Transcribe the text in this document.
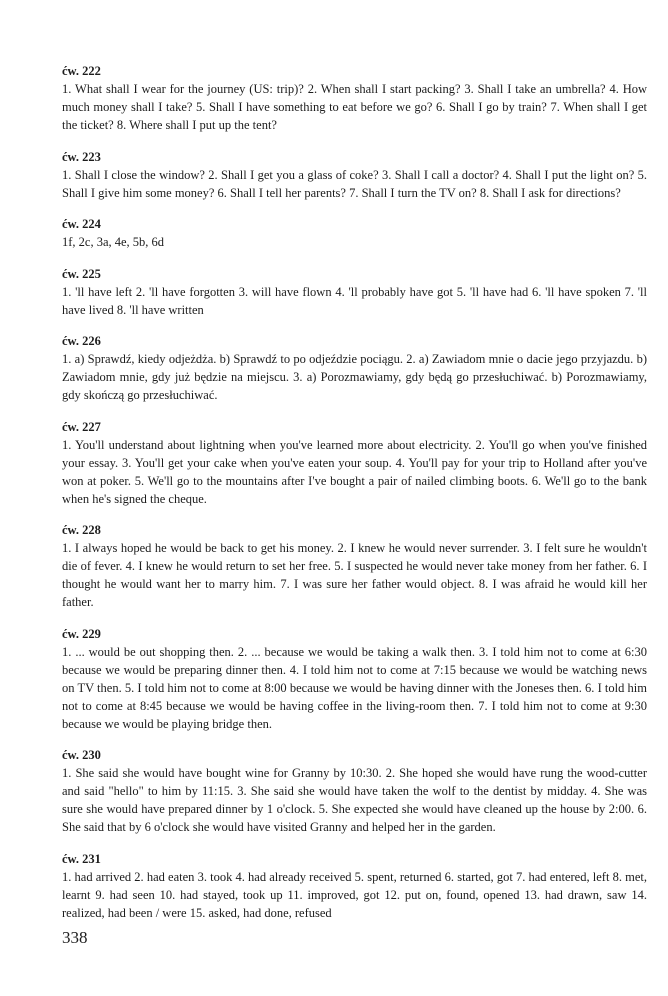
ćw. 222
1. What shall I wear for the journey (US: trip)? 2. When shall I start packing? 3. Shall I take an umbrella? 4. How much money shall I take? 5. Shall I have something to eat before we go? 6. Shall I go by train? 7. When shall I get the ticket? 8. Where shall I put up the tent?
ćw. 223
1. Shall I close the window? 2. Shall I get you a glass of coke? 3. Shall I call a doctor? 4. Shall I put the light on? 5. Shall I give him some money? 6. Shall I tell her parents? 7. Shall I turn the TV on? 8. Shall I ask for directions?
ćw. 224
1f, 2c, 3a, 4e, 5b, 6d
ćw. 225
1. 'll have left 2. 'll have forgotten 3. will have flown 4. 'll probably have got 5. 'll have had 6. 'll have spoken 7. 'll have lived 8. 'll have written
ćw. 226
1. a) Sprawdź, kiedy odjeżdża. b) Sprawdź to po odjeździe pociągu. 2. a) Zawiadom mnie o dacie jego przyjazdu. b) Zawiadom mnie, gdy już będzie na miejscu. 3. a) Porozmawiamy, gdy będą go przesłuchiwać. b) Porozmawiamy, gdy skończą go przesłuchiwać.
ćw. 227
1. You'll understand about lightning when you've learned more about electricity. 2. You'll go when you've finished your essay. 3. You'll get your cake when you've eaten your soup. 4. You'll pay for your trip to Holland after you've won at poker. 5. We'll go to the mountains after I've bought a pair of nailed climbing boots. 6. We'll go to the bank when he's signed the cheque.
ćw. 228
1. I always hoped he would be back to get his money. 2. I knew he would never surrender. 3. I felt sure he wouldn't die of fever. 4. I knew he would return to set her free. 5. I suspected he would never take money from her father. 6. I thought he would want her to marry him. 7. I was sure her father would object. 8. I was afraid he would kill her father.
ćw. 229
1. ... would be out shopping then. 2. ... because we would be taking a walk then. 3. I told him not to come at 6:30 because we would be preparing dinner then. 4. I told him not to come at 7:15 because we would be watching news on TV then. 5. I told him not to come at 8:00 because we would be having dinner with the Joneses then. 6. I told him not to come at 8:45 because we would be having coffee in the living-room then. 7. I told him not to come at 9:30 because we would be playing bridge then.
ćw. 230
1. She said she would have bought wine for Granny by 10:30. 2. She hoped she would have rung the wood-cutter and said "hello" to him by 11:15. 3. She said she would have taken the wolf to the dentist by midday. 4. She was sure she would have prepared dinner by 1 o'clock. 5. She expected she would have cleaned up the house by 2:00. 6. She said that by 6 o'clock she would have visited Granny and helped her in the garden.
ćw. 231
1. had arrived 2. had eaten 3. took 4. had already received 5. spent, returned 6. started, got 7. had entered, left 8. met, learnt 9. had seen 10. had stayed, took up 11. improved, got 12. put on, found, opened 13. had drawn, saw 14. realized, had been / were 15. asked, had done, refused
338
